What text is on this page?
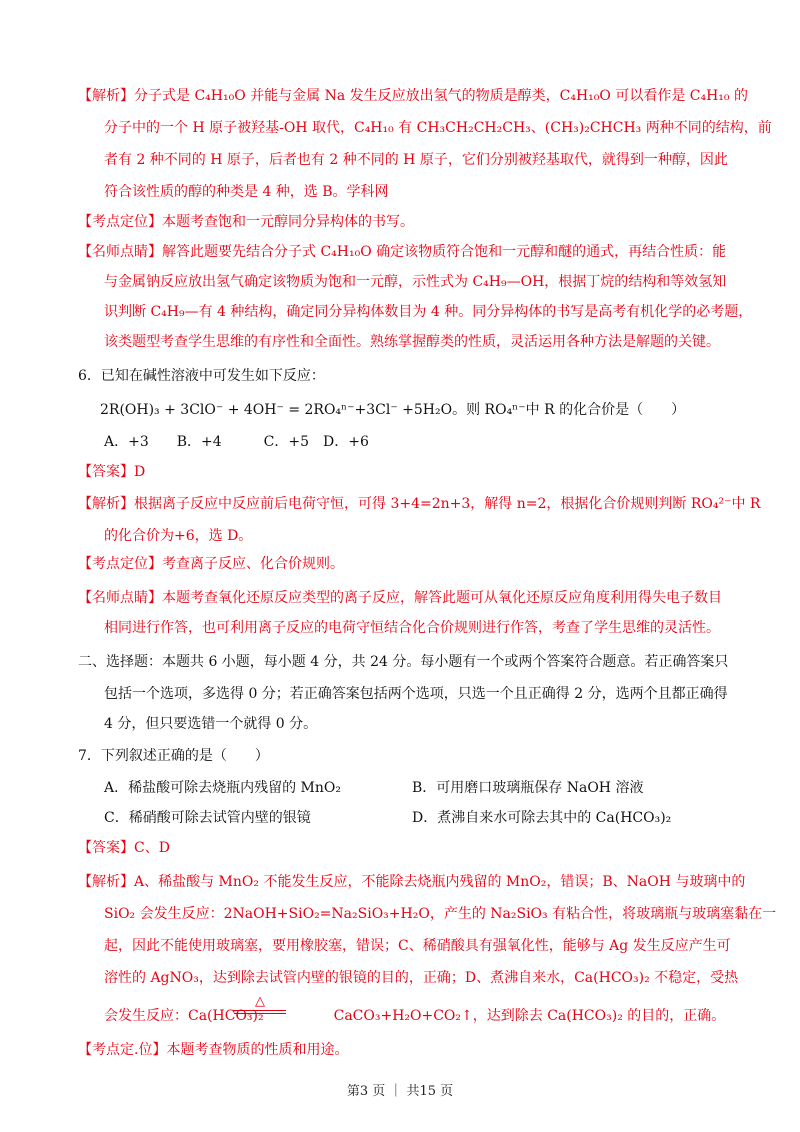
△
第3 页 ｜ 共15 页
【解析】分子式是 C₄H₁₀O 并能与金属 Na 发生反应放出氢气的物质是醇类，C₄H₁₀O 可以看作是 C₄H₁₀ 的
分子中的一个 H 原子被羟基-OH 取代，C₄H₁₀ 有 CH₃CH₂CH₂CH₃、(CH₃)₂CHCH₃ 两种不同的结构，前
者有 2 种不同的 H 原子，后者也有 2 种不同的 H 原子，它们分别被羟基取代，就得到一种醇，因此
符合该性质的醇的种类是 4 种，选 B。学科网
【考点定位】本题考查饱和一元醇同分异构体的书写。
【名师点睛】解答此题要先结合分子式 C₄H₁₀O 确定该物质符合饱和一元醇和醚的通式，再结合性质：能
与金属钠反应放出氢气确定该物质为饱和一元醇，示性式为 C₄H₉—OH，根据丁烷的结构和等效氢知
识判断 C₄H₉—有 4 种结构，确定同分异构体数目为 4 种。同分异构体的书写是高考有机化学的必考题，
该类题型考查学生思维的有序性和全面性。熟练掌握醇类的性质，灵活运用各种方法是解题的关键。
6．已知在碱性溶液中可发生如下反应：
2R(OH)₃ + 3ClO⁻ + 4OH⁻ = 2RO₄ⁿ⁻+3Cl⁻ +5H₂O。则 RO₄ⁿ⁻中 R 的化合价是（　　）
A．+3　　B．+4　　　C．+5　D．+6
【答案】D
【解析】根据离子反应中反应前后电荷守恒，可得 3+4=2n+3，解得 n=2，根据化合价规则判断 RO₄²⁻中 R
的化合价为+6，选 D。
【考点定位】考查离子反应、化合价规则。
【名师点睛】本题考查氧化还原反应类型的离子反应，解答此题可从氧化还原反应角度利用得失电子数目
相同进行作答，也可利用离子反应的电荷守恒结合化合价规则进行作答，考查了学生思维的灵活性。
二、选择题：本题共 6 小题，每小题 4 分，共 24 分。每小题有一个或两个答案符合题意。若正确答案只
包括一个选项，多选得 0 分；若正确答案包括两个选项，只选一个且正确得 2 分，选两个且都正确得
4 分，但只要选错一个就得 0 分。
7．下列叙述正确的是（　　）
【答案】C、D
【解析】A、稀盐酸与 MnO₂ 不能发生反应，不能除去烧瓶内残留的 MnO₂，错误；B、NaOH 与玻璃中的
SiO₂ 会发生反应：2NaOH+SiO₂=Na₂SiO₃+H₂O，产生的 Na₂SiO₃ 有粘合性，将玻璃瓶与玻璃塞黏在一
起，因此不能使用玻璃塞，要用橡胶塞，错误；C、稀硝酸具有强氧化性，能够与 Ag 发生反应产生可
溶性的 AgNO₃，达到除去试管内壁的银镜的目的，正确；D、煮沸自来水，Ca(HCO₃)₂ 不稳定，受热
会发生反应：Ca(HCO₃)₂　　　　　CaCO₃+H₂O+CO₂↑，达到除去 Ca(HCO₃)₂ 的目的，正确。
【考点定.位】本题考查物质的性质和用途。
A．稀盐酸可除去烧瓶内残留的 MnO₂	B．可用磨口玻璃瓶保存 NaOH 溶液
C．稀硝酸可除去试管内壁的银镜	D．煮沸自来水可除去其中的 Ca(HCO₃)₂
